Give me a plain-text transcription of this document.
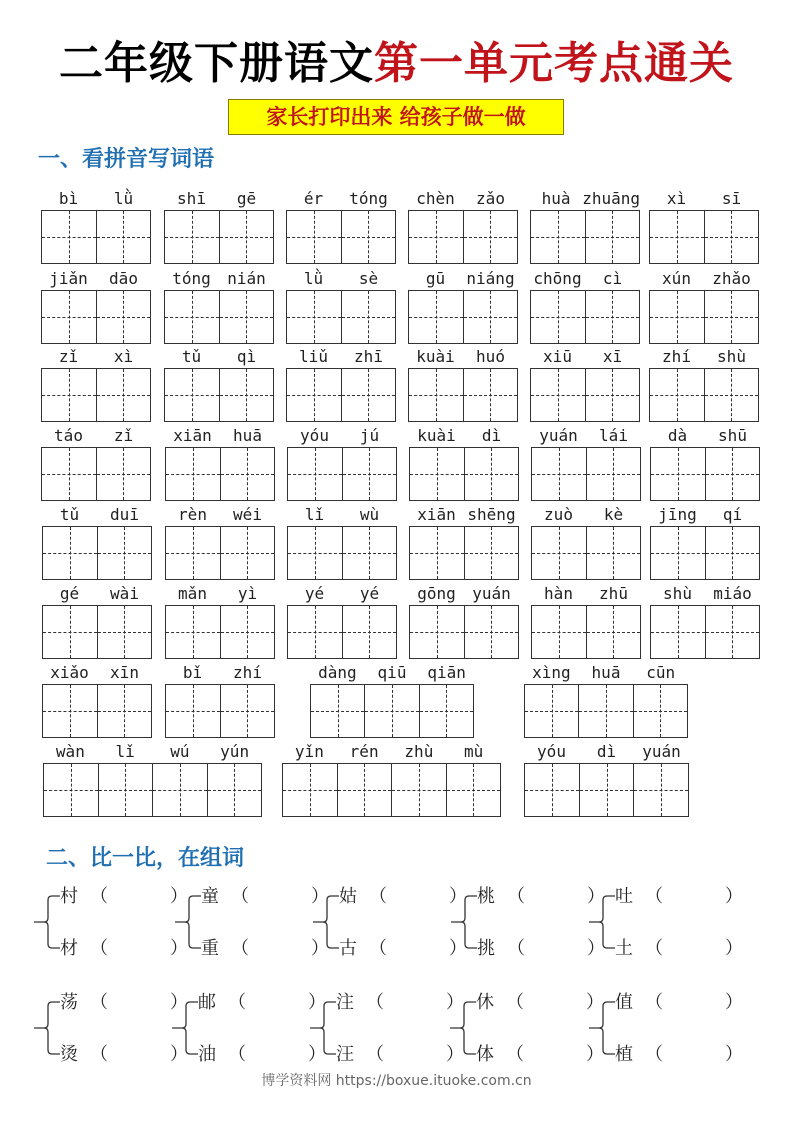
二年级下册语文第一单元考点通关
家长打印出来 给孩子做一做
一、看拼音写词语
bì	lǜ	shī	gē	ér	tóng	chèn	zǎo	huà zhuāng	xì	sī
jiǎn	dāo	tóng	nián	lǜ	sè	gū	niáng chōng	cì	xún	zhǎo
zǐ	xì	tǔ	qì	liǔ	zhī	kuài	huó	xiū	xī	zhí	shù
táo	zǐ	xiān	huā	yóu	jú	kuài	dì	yuán	lái	dà	shū
tǔ	duī	rèn	wéi	lǐ	wù	xiān shēng	zuò	kè	jīng	qí
gé	wài	mǎn	yì	yé	yé	gōng	yuán	hàn	zhū	shù	miáo
xiǎo	xīn	bǐ	zhí	dàng	qiū	qiān	xìng	huā	cūn
wàn	lǐ	wú	yún	yǐn	rén	zhù	mù	yóu	dì	yuán
二、比一比，在组词
村 （	）
材 （	）
童 （	）
重 （	）
姑 （	）
古 （	）
桃 （	）
挑 （	）
吐 （	）
土 （	）
荡 （	）
烫 （	）
邮 （	）
油 （	）
注 （	）
汪 （	）
休 （	）
体 （	）
值 （	）
植 （	）
博学资料网 https://boxue.ituoke.com.cn
